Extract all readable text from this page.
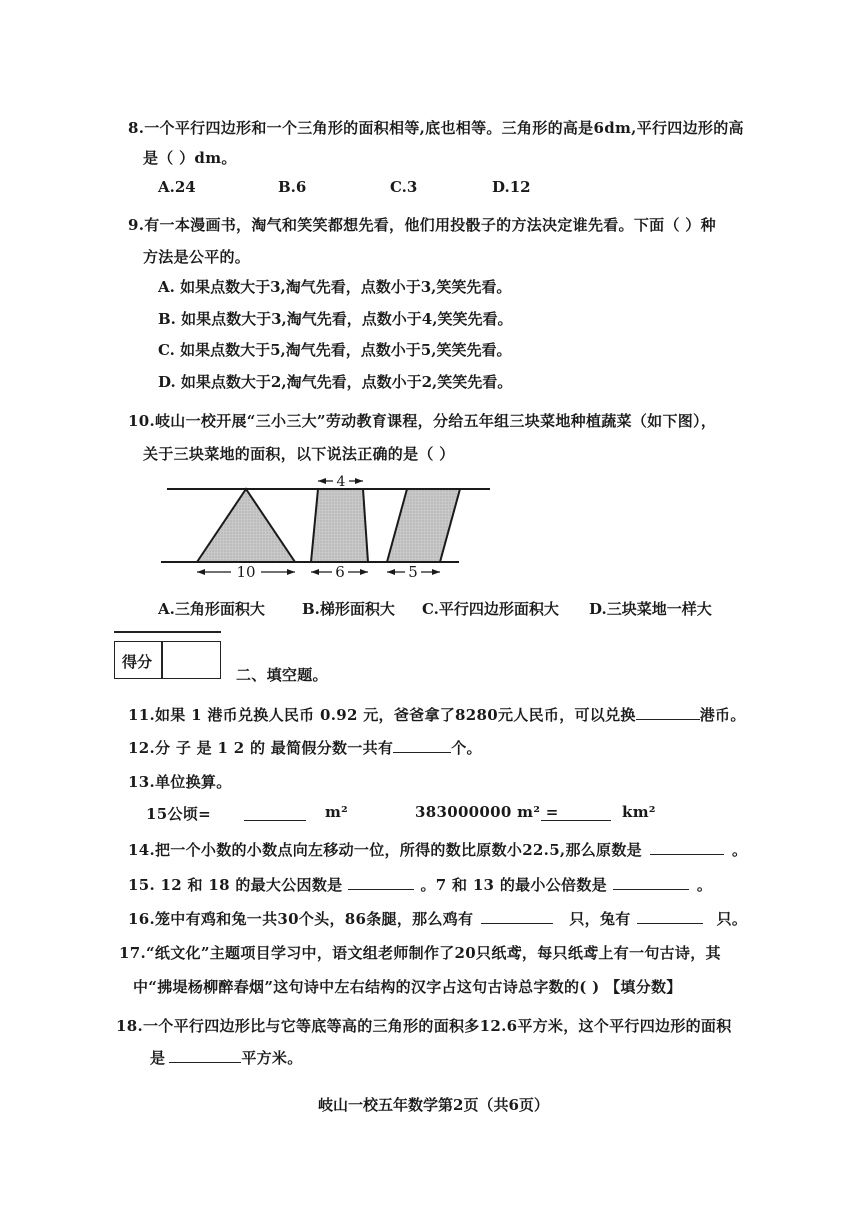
8.一个平行四边形和一个三角形的面积相等,底也相等。三角形的高是6dm,平行四边形的高
是（ ）dm。
A.24	B.6	C.3	D.12
9.有一本漫画书，淘气和笑笑都想先看，他们用投骰子的方法决定谁先看。下面（ ）种
方法是公平的。
A. 如果点数大于3,淘气先看，点数小于3,笑笑先看。
B. 如果点数大于3,淘气先看，点数小于4,笑笑先看。
C. 如果点数大于5,淘气先看，点数小于5,笑笑先看。
D. 如果点数大于2,淘气先看，点数小于2,笑笑先看。
10.岐山一校开展“三小三大”劳动教育课程，分给五年组三块菜地种植蔬菜（如下图），
关于三块菜地的面积，以下说法正确的是（ ）
10	6
4
5
A.三角形面积大 B.梯形面积大 C.平行四边形面积大 D.三块菜地一样大
得分
二、填空题。
11.如果 1 港币兑换人民币 0.92 元，爸爸拿了8280元人民币，可以兑换	港币。
12.分 子 是 1 2 的 最简假分数一共有	个。
13.单位换算。
15公顷=	m²	383000000 m² =	km²
14.把一个小数的小数点向左移动一位，所得的数比原数小22.5,那么原数是	。
15. 12 和 18 的最大公因数是	。7 和 13 的最小公倍数是	。
16.笼中有鸡和兔一共30个头，86条腿，那么鸡有	只，兔有	只。
17.“纸文化”主题项目学习中，语文组老师制作了20只纸鸢，每只纸鸢上有一句古诗，其
中“拂堤杨柳醉春烟”这句诗中左右结构的汉字占这句古诗总字数的( ) 【填分数】
18.一个平行四边形比与它等底等高的三角形的面积多12.6平方米，这个平行四边形的面积
是	平方米。
岐山一校五年数学第2页（共6页）
